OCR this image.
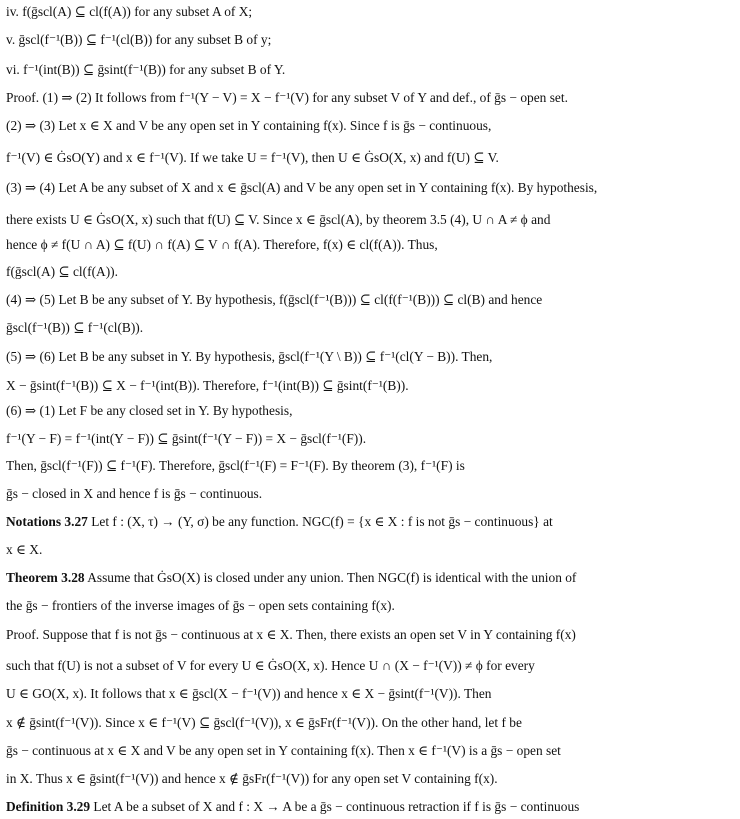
iv. f(ḡscl(A) ⊆ cl(f(A)) for any subset A of X;
v. ḡscl(f⁻¹(B)) ⊆ f⁻¹(cl(B)) for any subset B of y;
vi. f⁻¹(int(B)) ⊆ ḡsint(f⁻¹(B)) for any subset B of Y.
Proof. (1) ⇒ (2) It follows from f⁻¹(Y − V) = X − f⁻¹(V) for any subset V of Y and def., of ḡs − open set.
(2) ⇒ (3) Let x ∈ X and V be any open set in Y containing f(x). Since f is ḡs − continuous,
f⁻¹(V) ∈ ĠsO(Y) and x ∈ f⁻¹(V). If we take U = f⁻¹(V), then U ∈ ĠsO(X, x) and f(U) ⊆ V.
(3) ⇒ (4) Let A be any subset of X and x ∈ ḡscl(A) and V be any open set in Y containing f(x). By hypothesis,
there exists U ∈ ĠsO(X, x) such that f(U) ⊆ V. Since x ∈ ḡscl(A), by theorem 3.5 (4), U ∩ A ≠ ϕ and
hence ϕ ≠ f(U ∩ A) ⊆ f(U) ∩ f(A) ⊆ V ∩ f(A). Therefore, f(x) ∈ cl(f(A)). Thus,
f(ḡscl(A) ⊆ cl(f(A)).
(4) ⇒ (5) Let B be any subset of Y. By hypothesis, f(ḡscl(f⁻¹(B))) ⊆ cl(f(f⁻¹(B))) ⊆ cl(B) and hence
ḡscl(f⁻¹(B)) ⊆ f⁻¹(cl(B)).
(5) ⇒ (6) Let B be any subset in Y. By hypothesis, ḡscl(f⁻¹(Y \ B)) ⊆ f⁻¹(cl(Y − B)). Then,
X − ḡsint(f⁻¹(B)) ⊆ X − f⁻¹(int(B)). Therefore, f⁻¹(int(B)) ⊆ ḡsint(f⁻¹(B)).
(6) ⇒ (1) Let F be any closed set in Y. By hypothesis,
f⁻¹(Y − F) = f⁻¹(int(Y − F)) ⊆ ḡsint(f⁻¹(Y − F)) = X − ḡscl(f⁻¹(F)).
Then, ḡscl(f⁻¹(F)) ⊆ f⁻¹(F). Therefore, ḡscl(f⁻¹(F) = F⁻¹(F). By theorem (3), f⁻¹(F) is
ḡs − closed in X and hence f is ḡs − continuous.
Notations 3.27 Let f : (X, τ) → (Y, σ) be any function. NGC(f) = {x ∈ X : f is not ḡs − continuous} at
x ∈ X.
Theorem 3.28 Assume that ĠsO(X) is closed under any union. Then NGC(f) is identical with the union of
the ḡs − frontiers of the inverse images of ḡs − open sets containing f(x).
Proof. Suppose that f is not ḡs − continuous at x ∈ X. Then, there exists an open set V in Y containing f(x)
such that f(U) is not a subset of V for every U ∈ ĠsO(X, x). Hence U ∩ (X − f⁻¹(V)) ≠ ϕ for every
U ∈ GO(X, x). It follows that x ∈ ḡscl(X − f⁻¹(V)) and hence x ∈ X − ḡsint(f⁻¹(V)). Then
x ∉ ḡsint(f⁻¹(V)). Since x ∈ f⁻¹(V) ⊆ ḡscl(f⁻¹(V)), x ∈ ḡsFr(f⁻¹(V)). On the other hand, let f be
ḡs − continuous at x ∈ X and V be any open set in Y containing f(x). Then x ∈ f⁻¹(V) is a ḡs − open set
in X. Thus x ∈ ḡsint(f⁻¹(V)) and hence x ∉ ḡsFr(f⁻¹(V)) for any open set V containing f(x).
Definition 3.29 Let A be a subset of X and f : X → A be a ḡs − continuous retraction if f is ḡs − continuous
